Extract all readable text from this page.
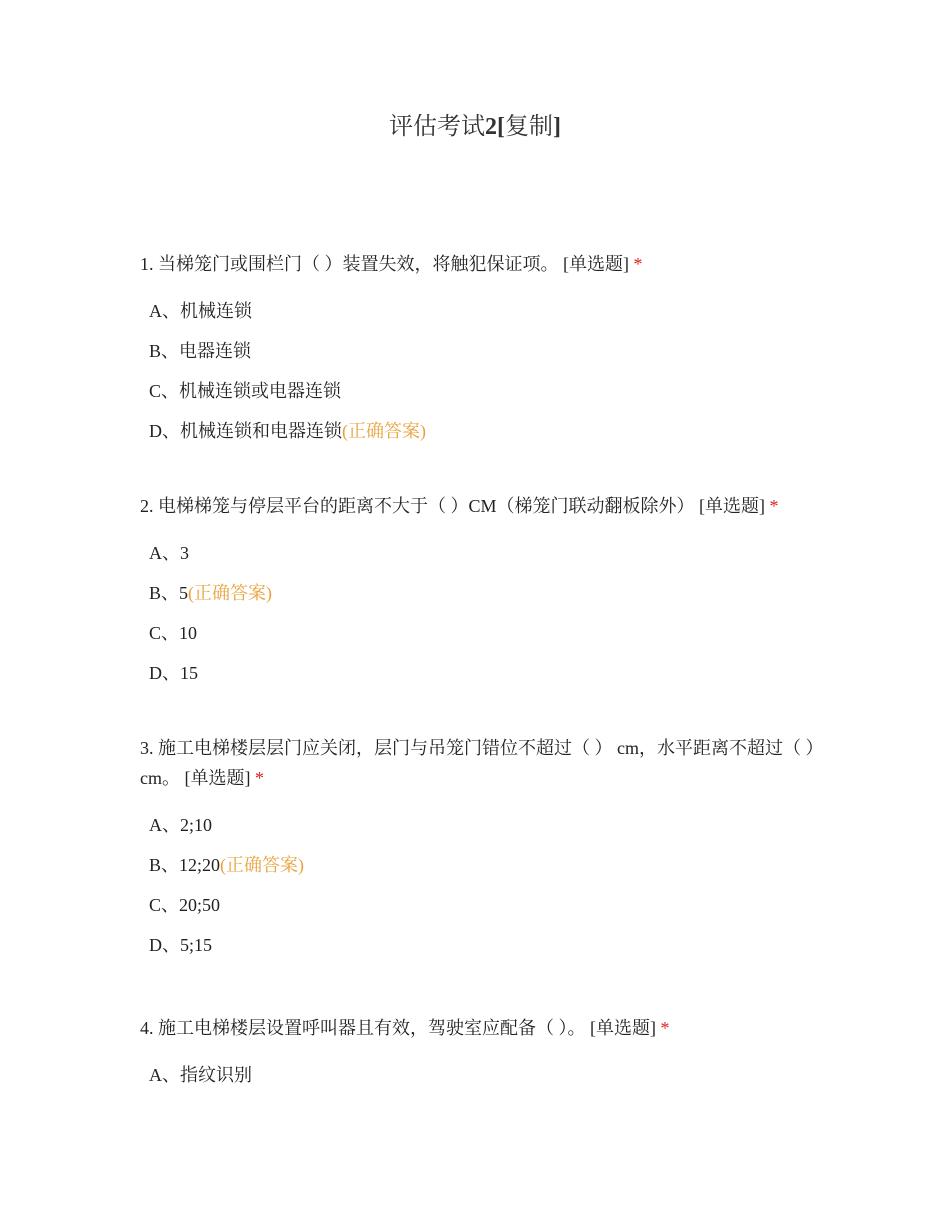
评估考试2[复制]

1. 当梯笼门或围栏门（ ）装置失效，将触犯保证项。 [单选题] *

A、机械连锁
B、电器连锁
C、机械连锁或电器连锁
D、机械连锁和电器连锁(正确答案)

2. 电梯梯笼与停层平台的距离不大于（ ）CM（梯笼门联动翻板除外） [单选题] *

A、3
B、5(正确答案)
C、10
D、15

3. 施工电梯楼层层门应关闭，层门与吊笼门错位不超过（ ） cm，水平距离不超过（ ）cm。 [单选题] *

A、2;10
B、12;20(正确答案)
C、20;50
D、5;15

4. 施工电梯楼层设置呼叫器且有效，驾驶室应配备（ ）。 [单选题] *

A、指纹识别
